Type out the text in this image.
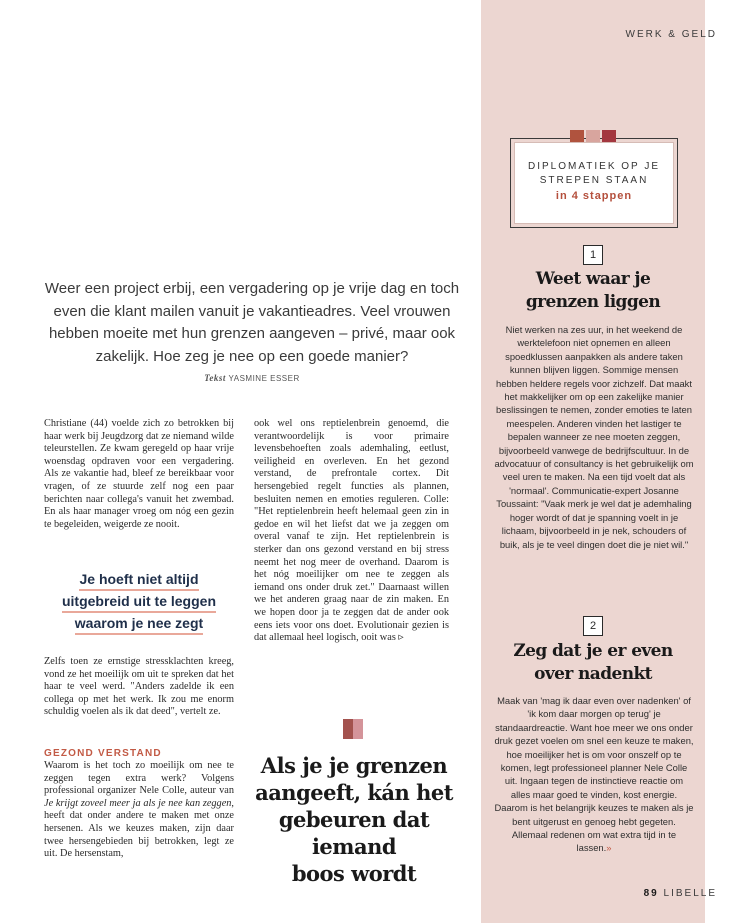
WERK & GELD
Weer een project erbij, een vergadering op je vrije dag en toch even die klant mailen vanuit je vakantieadres. Veel vrouwen hebben moeite met hun grenzen aangeven – privé, maar ook zakelijk. Hoe zeg je nee op een goede manier?
Tekst YASMINE ESSER

Christiane (44) voelde zich zo betrokken bij haar werk bij Jeugdzorg dat ze niemand wilde teleurstellen. Ze kwam geregeld op haar vrije woensdag opdraven voor een vergadering. Als ze vakantie had, bleef ze bereikbaar voor vragen, of ze stuurde zelf nog een paar berichten naar collega's vanuit het zwembad. En als haar manager vroeg om nóg een gezin te begeleiden, weigerde ze nooit.

Je hoeft niet altijd
uitgebreid uit te leggen
waarom je nee zegt

Zelfs toen ze ernstige stressklachten kreeg, vond ze het moeilijk om uit te spreken dat het haar te veel werd. "Anders zadelde ik een collega op met het werk. Ik zou me enorm schuldig voelen als ik dat deed", vertelt ze.

GEZOND VERSTAND

Waarom is het toch zo moeilijk om nee te zeggen tegen extra werk? Volgens professional organizer Nele Colle, auteur van Je krijgt zoveel meer ja als je nee kan zeggen, heeft dat onder andere te maken met onze hersenen. Als we keuzes maken, zijn daar twee hersengebieden bij betrokken, legt ze uit. De hersenstam,

ook wel ons reptielenbrein genoemd, die verantwoordelijk is voor primaire levensbehoeften zoals ademhaling, eetlust, veiligheid en overleven. En het gezond verstand, de prefrontale cortex. Dit hersengebied regelt functies als plannen, besluiten nemen en emoties reguleren. Colle: "Het reptielenbrein heeft helemaal geen zin in gedoe en wil het liefst dat we ja zeggen om overal vanaf te zijn. Het reptielenbrein is sterker dan ons gezond verstand en bij stress neemt het nog meer de overhand. Daarom is het nóg moeilijker om nee te zeggen als iemand ons onder druk zet." Daarnaast willen we het anderen graag naar de zin maken. En we hopen door ja te zeggen dat de ander ook eens iets voor ons doet. Evolutionair gezien is dat allemaal heel logisch, ooit was ▹

Als je je grenzen
aangeeft, kán het
gebeuren dat iemand
boos wordt
DIPLOMATIEK OP JE
STREPEN STAAN
in 4 stappen
1
Weet waar je
grenzen liggen
Niet werken na zes uur, in het weekend de werktelefoon niet opnemen en alleen spoedklussen aanpakken als andere taken kunnen blijven liggen. Sommige mensen hebben heldere regels voor zichzelf. Dat maakt het makkelijker om op een zakelijke manier beslissingen te nemen, zonder emoties te laten meespelen. Anderen vinden het lastiger te bepalen wanneer ze nee moeten zeggen, bijvoorbeeld vanwege de bedrijfscultuur. In de advocatuur of consultancy is het gebruikelijk om veel uren te maken. Na een tijd voelt dat als 'normaal'. Communicatie-expert Josanne Toussaint: "Vaak merk je wel dat je ademhaling hoger wordt of dat je spanning voelt in je lichaam, bijvoorbeeld in je nek, schouders of buik, als je te veel dingen doet die je niet wil."
2
Zeg dat je er even
over nadenkt
Maak van 'mag ik daar even over nadenken' of 'ik kom daar morgen op terug' je standaardreactie. Want hoe meer we ons onder druk gezet voelen om snel een keuze te maken, hoe moeilijker het is om voor onszelf op te komen, legt professioneel planner Nele Colle uit. Ingaan tegen de instinctieve reactie om alles maar goed te vinden, kost energie. Daarom is het belangrijk keuzes te maken als je bent uitgerust en genoeg hebt gegeten. Allemaal redenen om wat extra tijd in te lassen.»
89 LIBELLE
